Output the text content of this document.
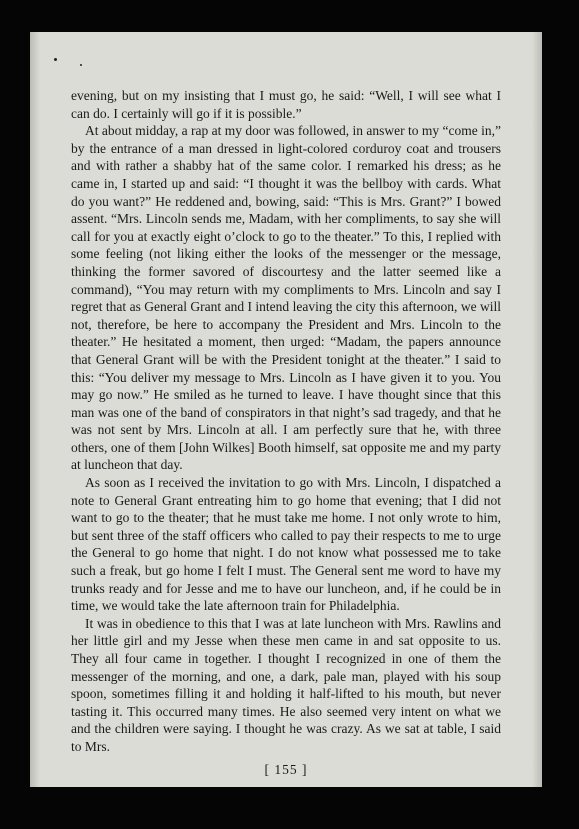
evening, but on my insisting that I must go, he said: “Well, I will see what I can do. I certainly will go if it is possible.”

At about midday, a rap at my door was followed, in answer to my “come in,” by the entrance of a man dressed in light-colored corduroy coat and trousers and with rather a shabby hat of the same color. I remarked his dress; as he came in, I started up and said: “I thought it was the bellboy with cards. What do you want?” He reddened and, bowing, said: “This is Mrs. Grant?” I bowed assent. “Mrs. Lincoln sends me, Madam, with her compliments, to say she will call for you at exactly eight o’clock to go to the theater.” To this, I replied with some feeling (not liking either the looks of the messenger or the message, thinking the former savored of discourtesy and the latter seemed like a command), “You may return with my compliments to Mrs. Lincoln and say I regret that as General Grant and I intend leaving the city this afternoon, we will not, therefore, be here to accompany the President and Mrs. Lincoln to the theater.” He hesitated a moment, then urged: “Madam, the papers announce that General Grant will be with the President tonight at the theater.” I said to this: “You deliver my message to Mrs. Lincoln as I have given it to you. You may go now.” He smiled as he turned to leave. I have thought since that this man was one of the band of conspirators in that night’s sad tragedy, and that he was not sent by Mrs. Lincoln at all. I am perfectly sure that he, with three others, one of them [John Wilkes] Booth himself, sat opposite me and my party at luncheon that day.

As soon as I received the invitation to go with Mrs. Lincoln, I dispatched a note to General Grant entreating him to go home that evening; that I did not want to go to the theater; that he must take me home. I not only wrote to him, but sent three of the staff officers who called to pay their respects to me to urge the General to go home that night. I do not know what possessed me to take such a freak, but go home I felt I must. The General sent me word to have my trunks ready and for Jesse and me to have our luncheon, and, if he could be in time, we would take the late afternoon train for Philadelphia.

It was in obedience to this that I was at late luncheon with Mrs. Rawlins and her little girl and my Jesse when these men came in and sat opposite to us. They all four came in together. I thought I recognized in one of them the messenger of the morning, and one, a dark, pale man, played with his soup spoon, sometimes filling it and holding it half-lifted to his mouth, but never tasting it. This occurred many times. He also seemed very intent on what we and the children were saying. I thought he was crazy. As we sat at table, I said to Mrs.

[ 155 ]
